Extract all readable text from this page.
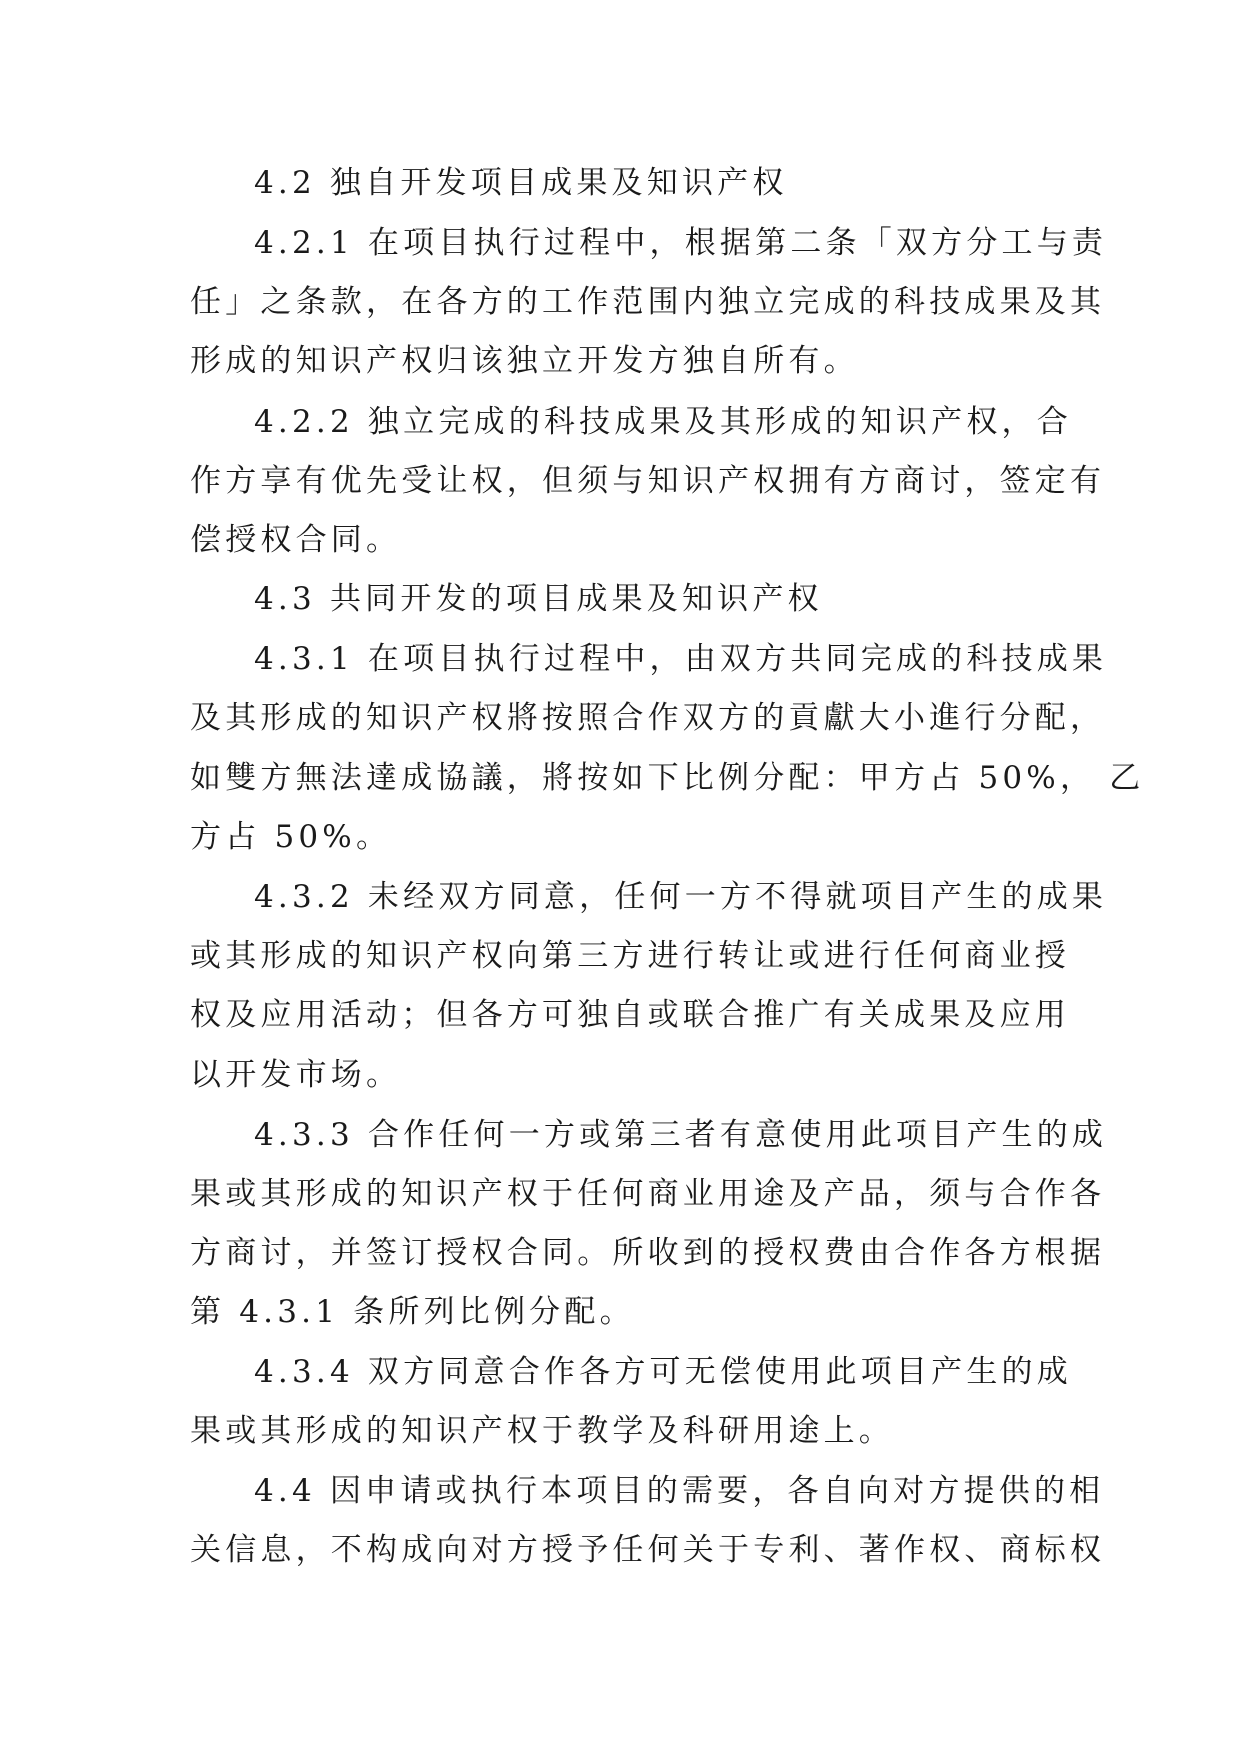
4.2 独自开发项目成果及知识产权

4.2.1 在项目执行过程中，根据第二条「双方分工与责

任」之条款，在各方的工作范围内独立完成的科技成果及其

形成的知识产权归该独立开发方独自所有。

4.2.2 独立完成的科技成果及其形成的知识产权，合

作方享有优先受让权，但须与知识产权拥有方商讨，签定有

偿授权合同。

4.3 共同开发的项目成果及知识产权

4.3.1 在项目执行过程中，由双方共同完成的科技成果

及其形成的知识产权將按照合作双方的貢獻大小進行分配，

如雙方無法達成協議，將按如下比例分配：甲方占 50%， 乙

方占 50%。

4.3.2 未经双方同意，任何一方不得就项目产生的成果

或其形成的知识产权向第三方进行转让或进行任何商业授

权及应用活动；但各方可独自或联合推广有关成果及应用

以开发市场。

4.3.3 合作任何一方或第三者有意使用此项目产生的成

果或其形成的知识产权于任何商业用途及产品，须与合作各

方商讨，并签订授权合同。所收到的授权费由合作各方根据

第 4.3.1 条所列比例分配。

4.3.4 双方同意合作各方可无偿使用此项目产生的成

果或其形成的知识产权于教学及科研用途上。

4.4 因申请或执行本项目的需要，各自向对方提供的相

关信息，不构成向对方授予任何关于专利、著作权、商标权
